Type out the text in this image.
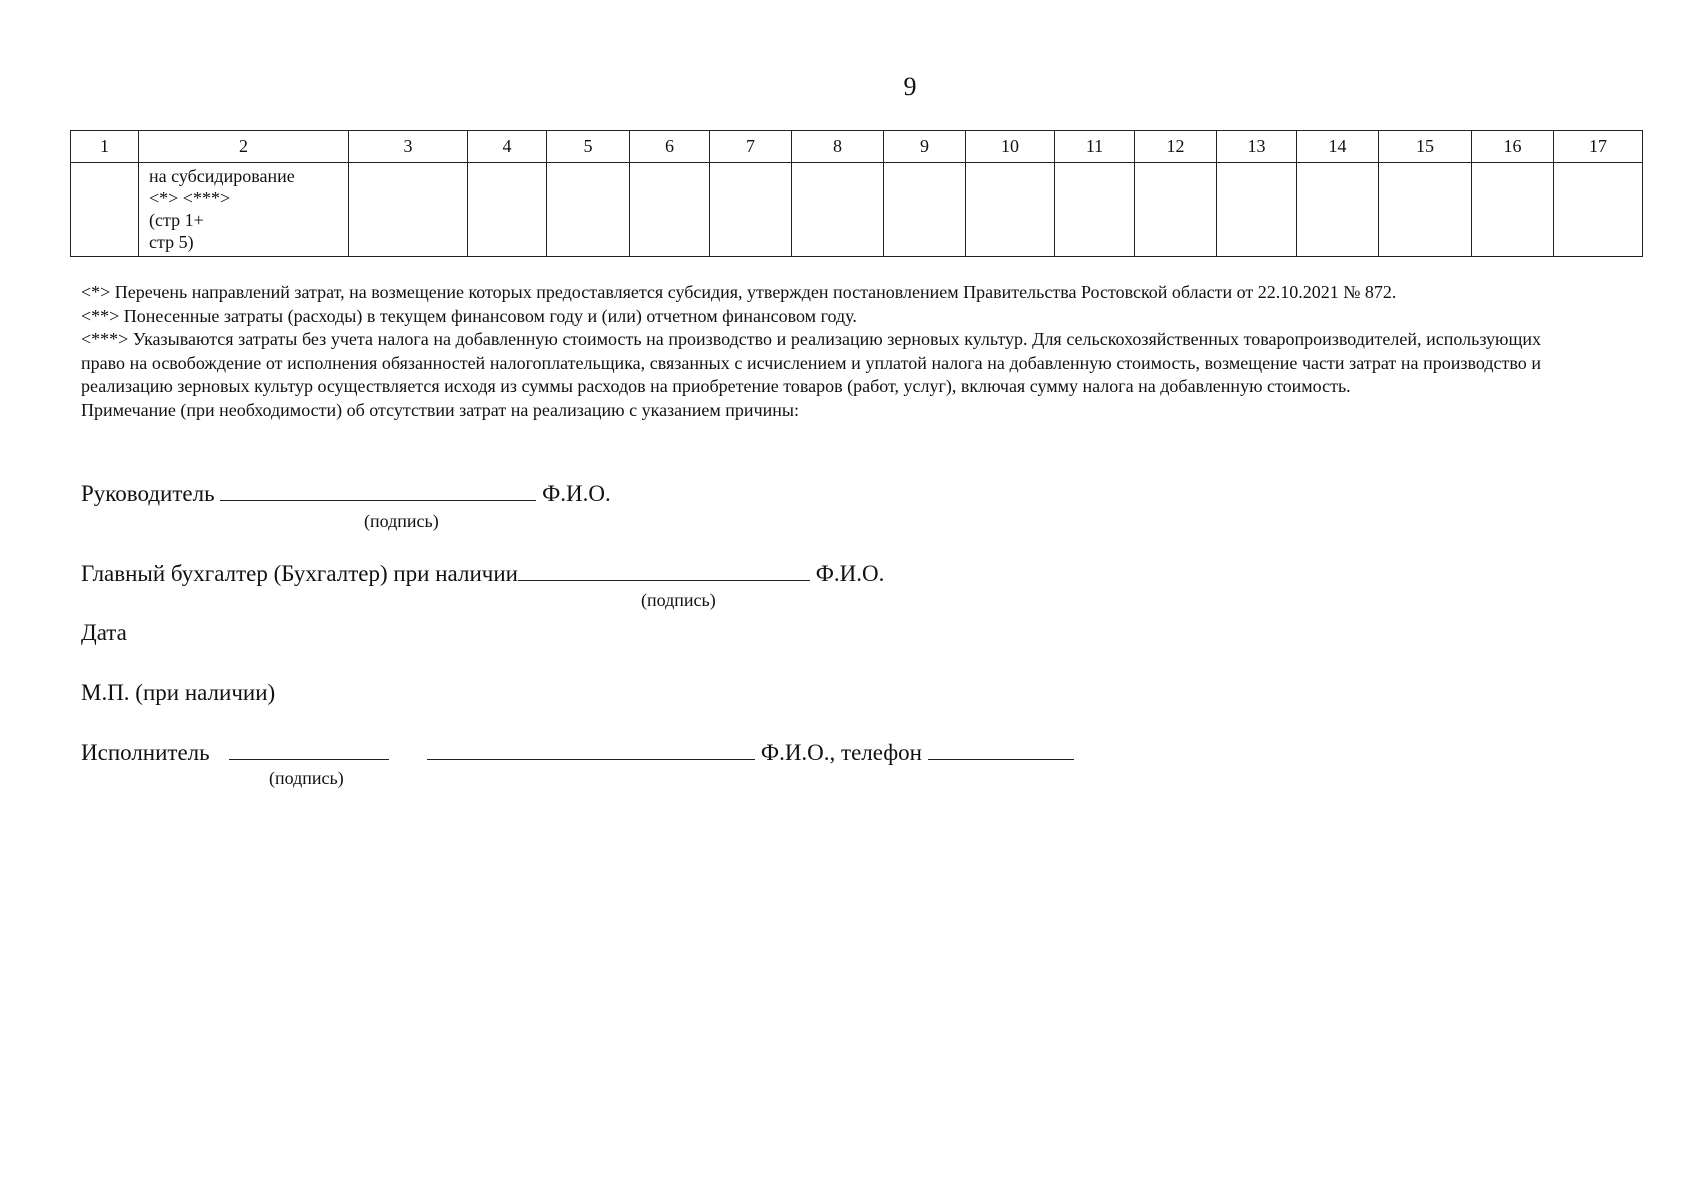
9
1	2	3	4	5	6	7	8	9	10	11	12	13	14	15	16	17

	на субсидирование
<*> <***>
(стр 1+
стр 5)															

<*> Перечень направлений затрат, на возмещение которых предоставляется субсидия, утвержден постановлением Правительства Ростовской области от 22.10.2021 № 872.
<**> Понесенные затраты (расходы) в текущем финансовом году и (или) отчетном финансовом году.
<***> Указываются затраты без учета налога на добавленную стоимость на производство и реализацию зерновых культур. Для сельскохозяйственных товаропроизводителей, использующих право на освобождение от исполнения обязанностей налогоплательщика, связанных с исчислением и уплатой налога на добавленную стоимость, возмещение части затрат на производство и реализацию зерновых культур осуществляется исходя из суммы расходов на приобретение товаров (работ, услуг), включая сумму налога на добавленную стоимость.
Примечание (при необходимости) об отсутствии затрат на реализацию с указанием причины:
Руководитель	Ф.И.О.
(подпись)
Главный бухгалтер (Бухгалтер) при наличии	Ф.И.О.
(подпись)
Дата
М.П. (при наличии)
Исполнитель	Ф.И.О., телефон
(подпись)
